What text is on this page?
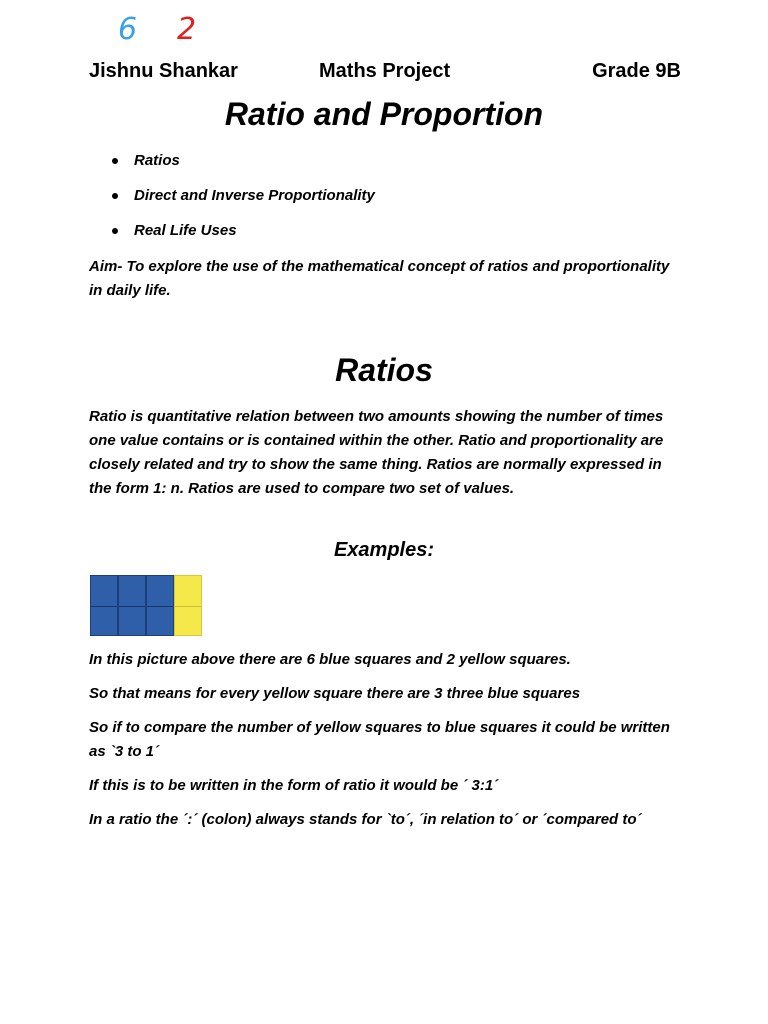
Jishnu Shankar	Maths Project	Grade 9B
Ratio and Proportion
Ratios
Direct and Inverse Proportionality
Real Life Uses

Aim- To explore the use of the mathematical concept of ratios and proportionality in daily life.

Ratios

Ratio is quantitative relation between two amounts showing the number of times one value contains or is contained within the other. Ratio and proportionality are closely related and try to show the same thing. Ratios are normally expressed in the form 1: n. Ratios are used to compare two set of values.

Examples:
6 2

In this picture above there are 6 blue squares and 2 yellow squares.

So that means for every yellow square there are 3 three blue squares

So if to compare the number of yellow squares to blue squares it could be written as `3 to 1´

If this is to be written in the form of ratio it would be ´ 3:1´

In a ratio the ´:´ (colon) always stands for `to´, ´in relation to´ or ´compared to´
